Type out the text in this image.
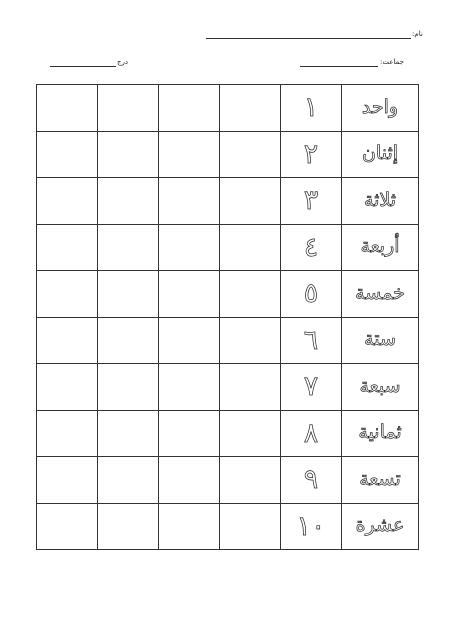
نام:
جماعت:
درج
				١	واحد
				٢	إثنان
				٣	ثلاثة
				٤	أربعة
				٥	خمسة
				٦	ستة
				٧	سبعة
				٨	ثمانية
				٩	تسعة
				١٠	عشرة
